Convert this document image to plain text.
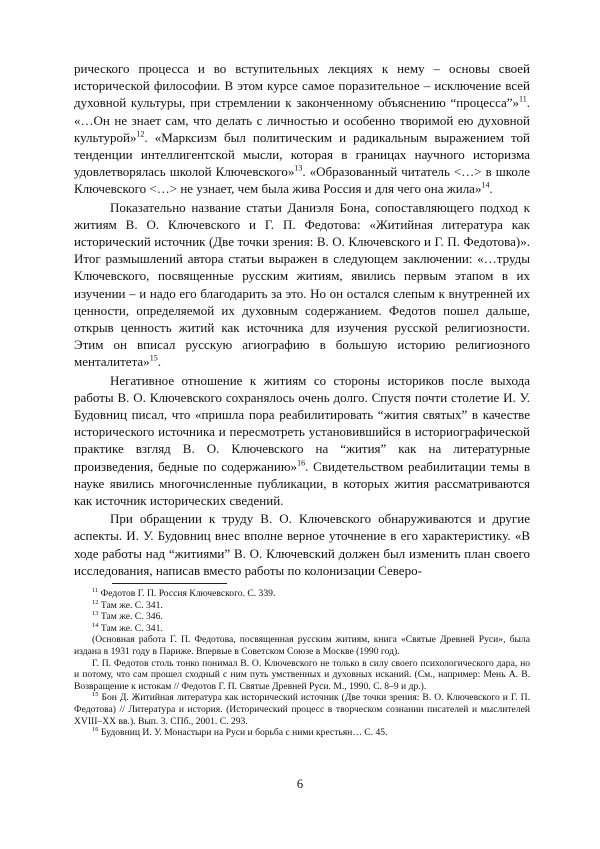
рического процесса и во вступительных лекциях к нему – основы своей исторической философии. В этом курсе самое поразительное – исключение всей духовной культуры, при стремлении к законченному объяснению “процесса”»$^{11}$. «…Он не знает сам, что делать с личностью и особенно творимой ею духовной культурой»$^{12}$. «Марксизм был политическим и радикальным выражением той тенденции интеллигентской мысли, которая в границах научного историзма удовлетворялась школой Ключевского»$^{13}$. «Образованный читатель <…> в школе Ключевского <…> не узнает, чем была жива Россия и для чего она жила»$^{14}$.

Показательно название статьи Даниэля Бона, сопоставляющего подход к житиям В. О. Ключевского и Г. П. Федотова: «Житийная литература как исторический источник (Две точки зрения: В. О. Ключевского и Г. П. Федотова)». Итог размышлений автора статьи выражен в следующем заключении: «…труды Ключевского, посвященные русским житиям, явились первым этапом в их изучении – и надо его благодарить за это. Но он остался слепым к внутренней их ценности, определяемой их духовным содержанием. Федотов пошел дальше, открыв ценность житий как источника для изучения русской религиозности. Этим он вписал русскую агиографию в большую историю религиозного менталитета»$^{15}$.

Негативное отношение к житиям со стороны историков после выхода работы В. О. Ключевского сохранялось очень долго. Спустя почти столетие И. У. Будовниц писал, что «пришла пора реабилитировать “жития святых” в качестве исторического источника и пересмотреть установившийся в историографической практике взгляд В. О. Ключевского на “жития” как на литературные произведения, бедные по содержанию»$^{16}$. Свидетельством реабилитации темы в науке явились многочисленные публикации, в которых жития рассматриваются как источник исторических сведений.

При обращении к труду В. О. Ключевского обнаруживаются и другие аспекты. И. У. Будовниц внес вполне верное уточнение в его характеристику. «В ходе работы над “житиями” В. О. Ключевский должен был изменить план своего исследования, написав вместо работы по колонизации Северо-

$^{11}$ Федотов Г. П. Россия Ключевского. С. 339.

$^{12}$ Там же. С. 341.

$^{13}$ Там же. С. 346.

$^{14}$ Там же. С. 341.

(Основная работа Г. П. Федотова, посвященная русским житиям, книга «Святые Древней Руси», была издана в 1931 году в Париже. Впервые в Советском Союзе в Москве (1990 год).

Г. П. Федотов столь тонко понимал В. О. Ключевского не только в силу своего психологического дара, но и потому, что сам прошел сходный с ним путь умственных и духовных исканий. (См., например: Мень А. В. Возвращение к истокам // Федотов Г. П. Святые Древней Руси. М., 1990. С. 8–9 и др.).

$^{15}$ Бон Д. Житийная литература как исторический источник (Две точки зрения: В. О. Ключевского и Г. П. Федотова) // Литература и история. (Исторический процесс в творческом сознании писателей и мыслителей XVIII–XX вв.). Вып. 3. СПб., 2001. С. 293.

$^{16}$ Будовниц И. У. Монастыри на Руси и борьба с ними крестьян… С. 45.

6
